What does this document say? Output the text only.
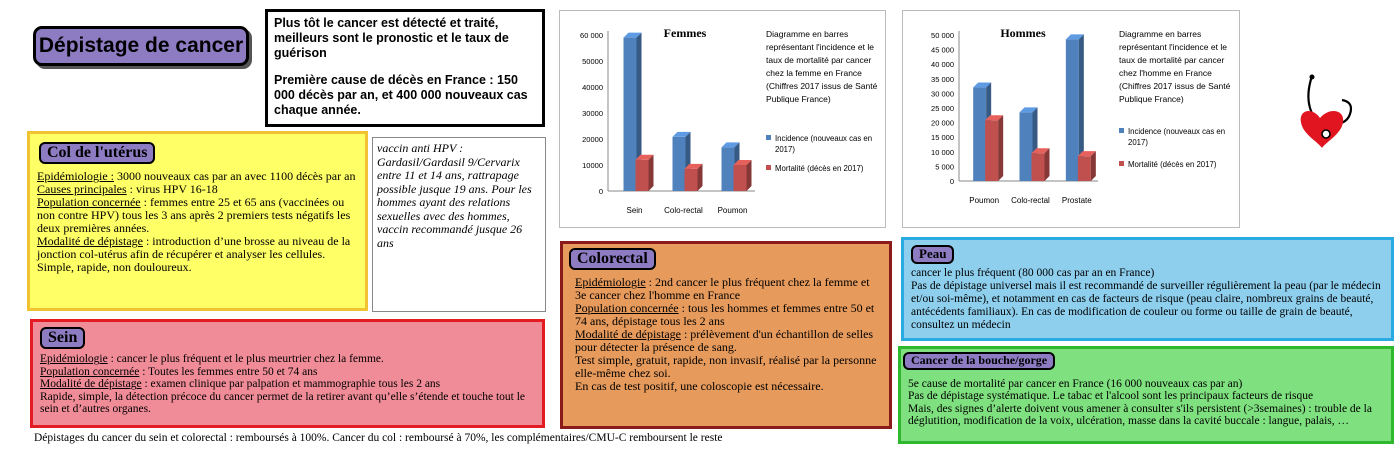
Dépistage de cancer

Plus tôt le cancer est détecté et traité, meilleurs sont le pronostic et le taux de guérison

Première cause de décès en France : 150 000 décès par an, et 400 000 nouveaux cas chaque année.

Col de l'utérus

Epidémiologie : 3000 nouveaux cas par an avec 1100 décès par an

Causes principales : virus HPV 16-18

Population concernée : femmes entre 25 et 65 ans (vaccinées ou non contre HPV) tous les 3 ans après 2 premiers tests négatifs les deux premières années.

Modalité de dépistage : introduction d’une brosse au niveau de la jonction col-utérus afin de récupérer et analyser les cellules. Simple, rapide, non douloureux.

vaccin anti HPV : Gardasil/Gardasil 9/Cervarix entre 11 et 14 ans, rattrapage possible jusque 19 ans. Pour les hommes ayant des relations sexuelles avec des hommes, vaccin recommandé jusque 26 ans
Sein

Epidémiologie : cancer le plus fréquent et le plus meurtrier chez la femme.

Population concernée : Toutes les femmes entre 50 et 74 ans

Modalité de dépistage : examen clinique par palpation et mammographie tous les 2 ans

Rapide, simple, la détection précoce du cancer permet de la retirer avant qu’elle s’étende et touche tout le sein et d’autres organes.

Dépistages du cancer du sein et colorectal : remboursés à 100%. Cancer du col : remboursé à 70%, les complémentaires/CMU-C remboursent le reste
Colorectal

Epidémiologie : 2nd cancer le plus fréquent chez la femme et 3e cancer chez l'homme en France

Population concernée : tous les hommes et femmes entre 50 et 74 ans, dépistage tous les 2 ans

Modalité de dépistage : prélèvement d'un échantillon de selles pour détecter la présence de sang.

Test simple, gratuit, rapide, non invasif, réalisé par la personne elle-même chez soi.

En cas de test positif, une coloscopie est nécessaire.

Peau

cancer le plus fréquent (80 000 cas par an en France)

Pas de dépistage universel mais il est recommandé de surveiller régulièrement la peau (par le médecin et/ou soi-même), et notamment en cas de facteurs de risque (peau claire, nombreux grains de beauté, antécédents familiaux). En cas de modification de couleur ou forme ou taille de grain de beauté, consultez un médecin

Cancer de la bouche/gorge

5e cause de mortalité par cancer en France (16 000 nouveaux cas par an)

Pas de dépistage systématique. Le tabac et l'alcool sont les principaux facteurs de risque

Mais, des signes d’alerte doivent vous amener à consulter s'ils persistent (>3semaines) : trouble de la déglutition, modification de la voix, ulcération, masse dans la cavité buccale : langue, palais, …

0
10000
20000
30000
40000
50000
60 000
Sein	Colo-rectal Poumon
Femmes	Diagramme en barres
représentant l'incidence et le
taux de mortalité par cancer
chez la femme en France
(Chiffres 2017 issus de Santé
Publique France)
Incidence (nouveaux cas en
2017)
Mortalité (décès en 2017)
0
5 000
10 000
15 000
20 000
25 000
30 000
35 000
40 000
45 000
50 000
Poumon Colo-rectal Prostate
Hommes	Diagramme en barres
représentant l'incidence et le
taux de mortalité par cancer
chez l'homme en France
(Chiffres 2017 issus de Santé
Publique France)
Incidence (nouveaux cas en
2017)
Mortalité (décès en 2017)
